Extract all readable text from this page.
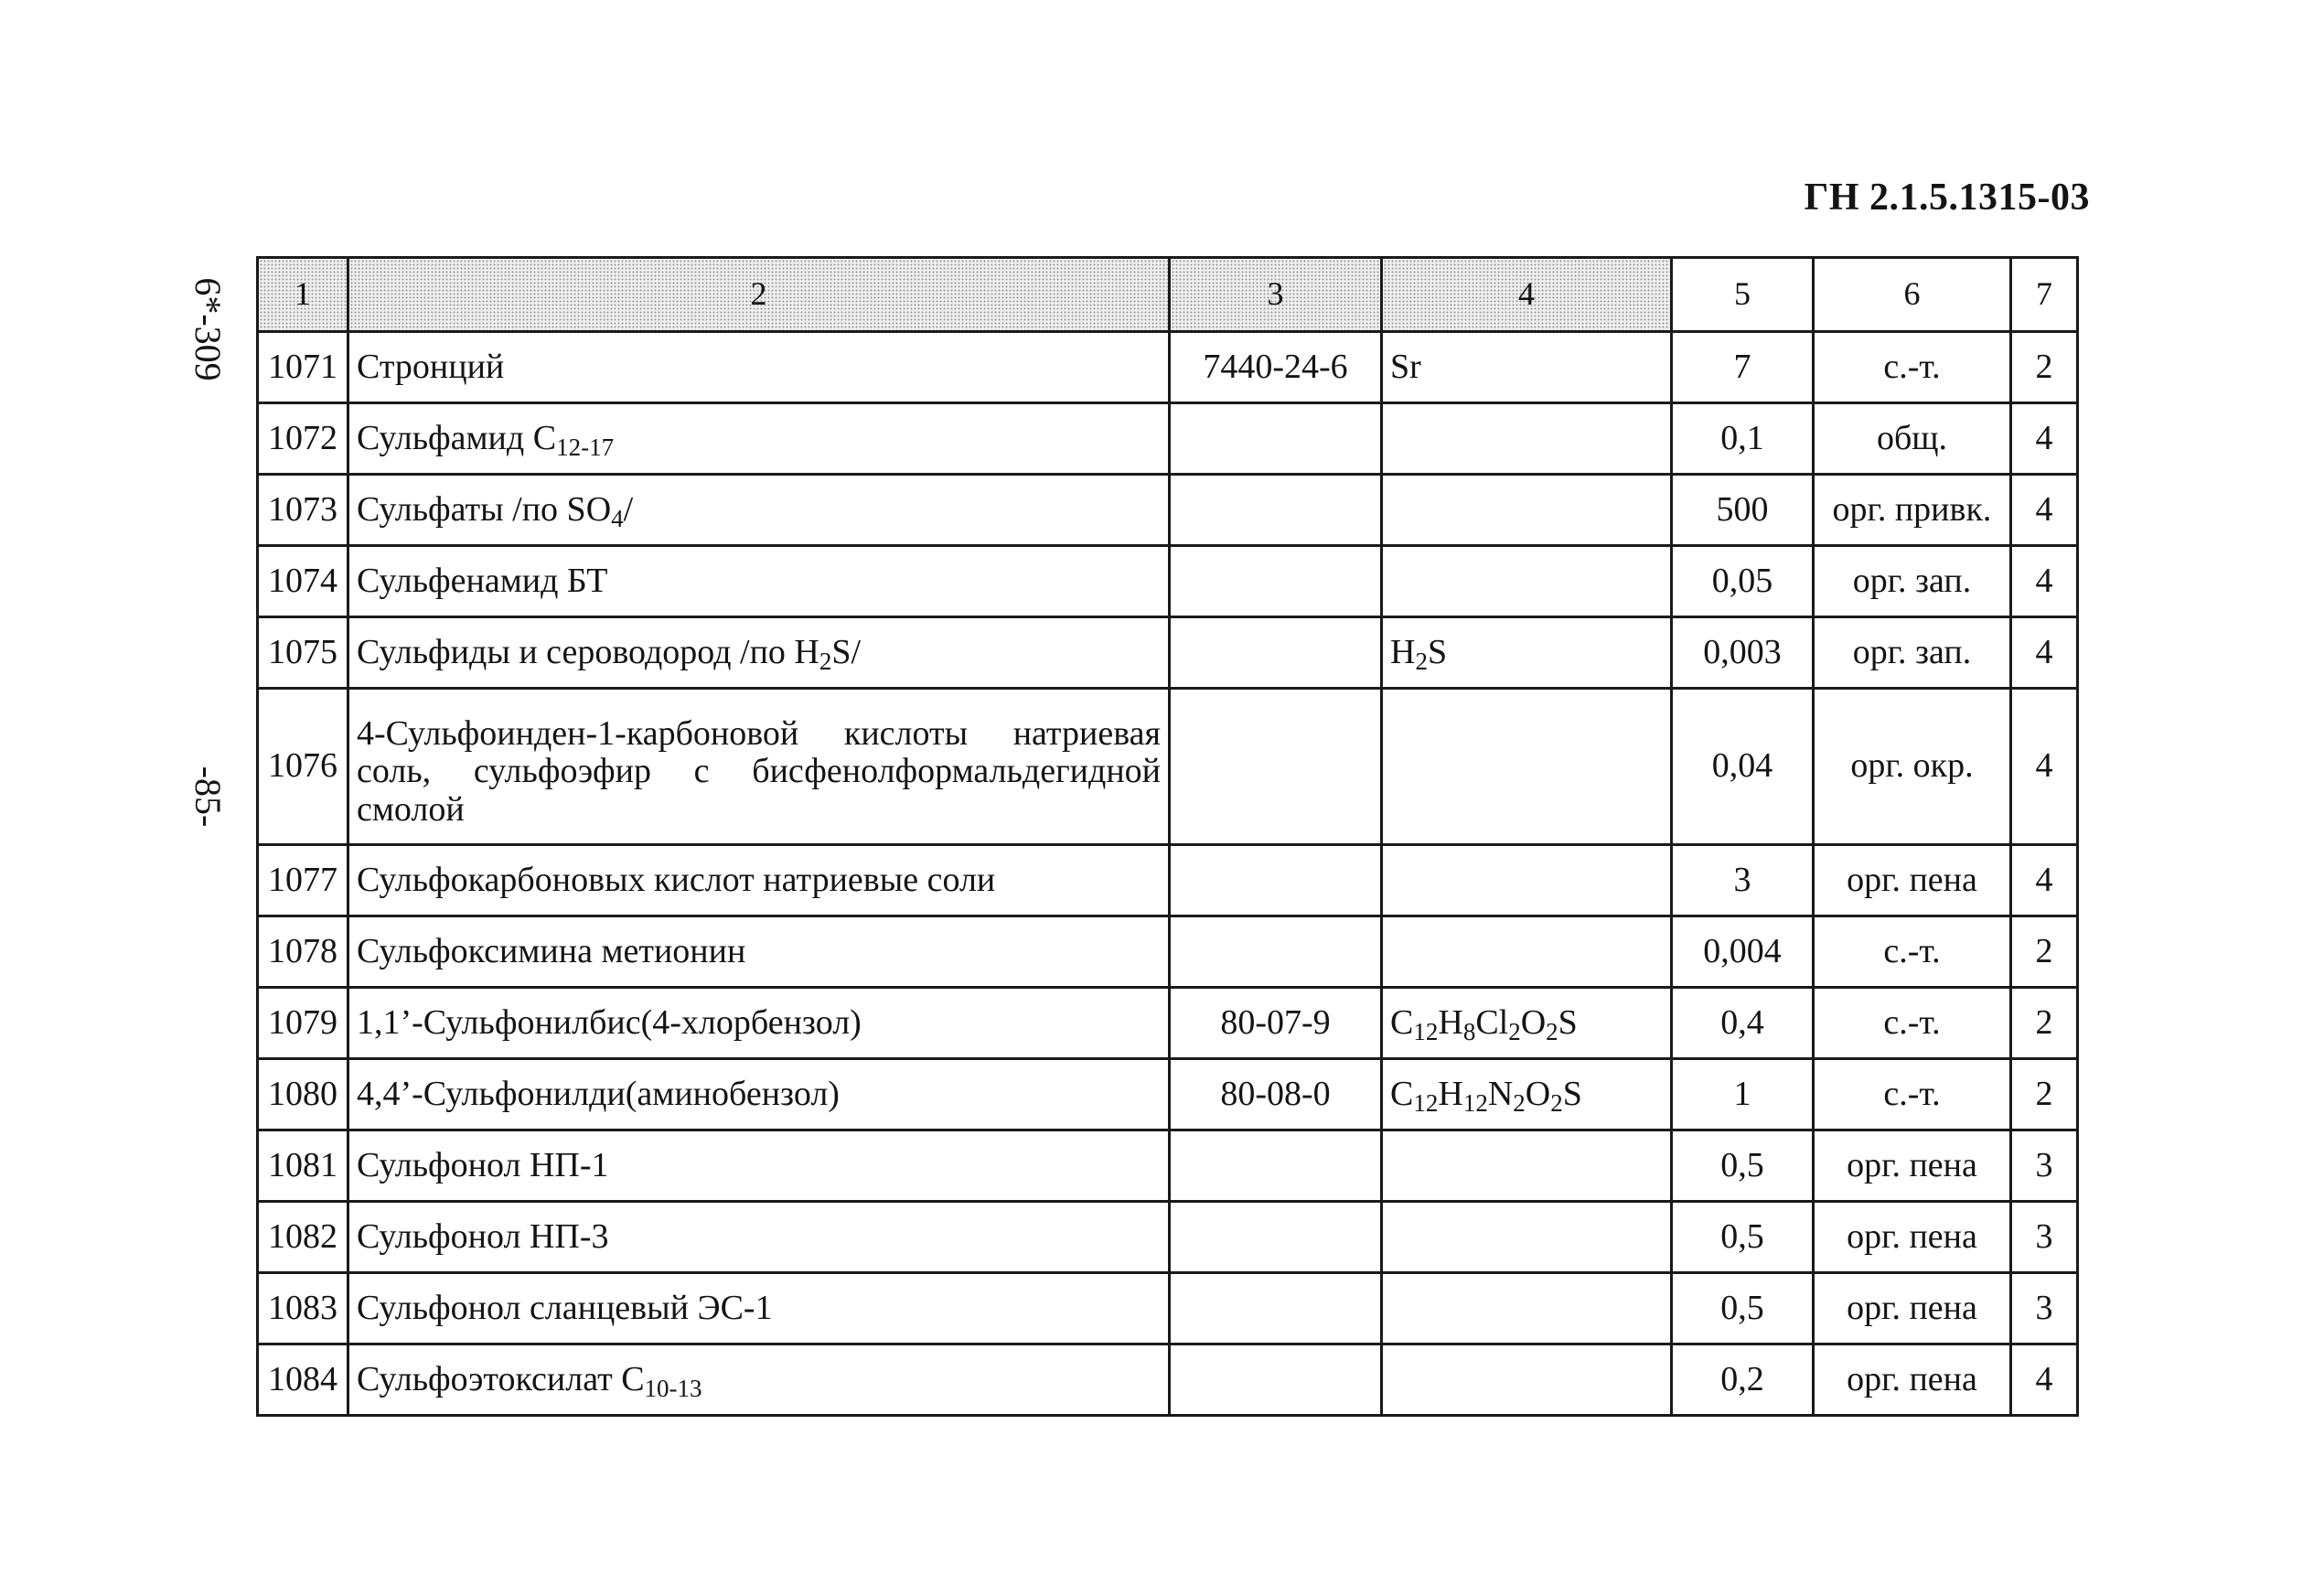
ГН 2.1.5.1315-03
6*-309
-85-
1	2	3	4	5	6	7
1071	Стронций	7440-24-6	Sr	7	с.-т.	2
1072	Сульфамид $С_{12-17}$			0,1	общ.	4
1073	Сульфаты /по $SO_4/$			500	орг. привк.	4
1074	Сульфенамид БТ			0,05	орг. зап.	4
1075	Сульфиды и сероводород /по $H_2S/$		$H_2S$	0,003	орг. зап.	4
1076	4-Сульфоинден-1-карбоновой кислоты натриевая соль, сульфоэфир с бисфенолформальдегидной смолой			0,04	орг. окр.	4
1077	Сульфокарбоновых кислот натриевые соли			3	орг. пена	4
1078	Сульфоксимина метионин			0,004	с.-т.	2
1079	1,1’-Сульфонилбис(4-хлорбензол)	80-07-9	$C_{12}H_8Cl_2O_2S$	0,4	с.-т.	2
1080	4,4’-Сульфонилди(аминобензол)	80-08-0	$C_{12}H_{12}N_2O_2S$	1	с.-т.	2
1081	Сульфонол НП-1			0,5	орг. пена	3
1082	Сульфонол НП-3			0,5	орг. пена	3
1083	Сульфонол сланцевый ЭС-1			0,5	орг. пена	3
1084	Сульфоэтоксилат $С_{10-13}$			0,2	орг. пена	4
